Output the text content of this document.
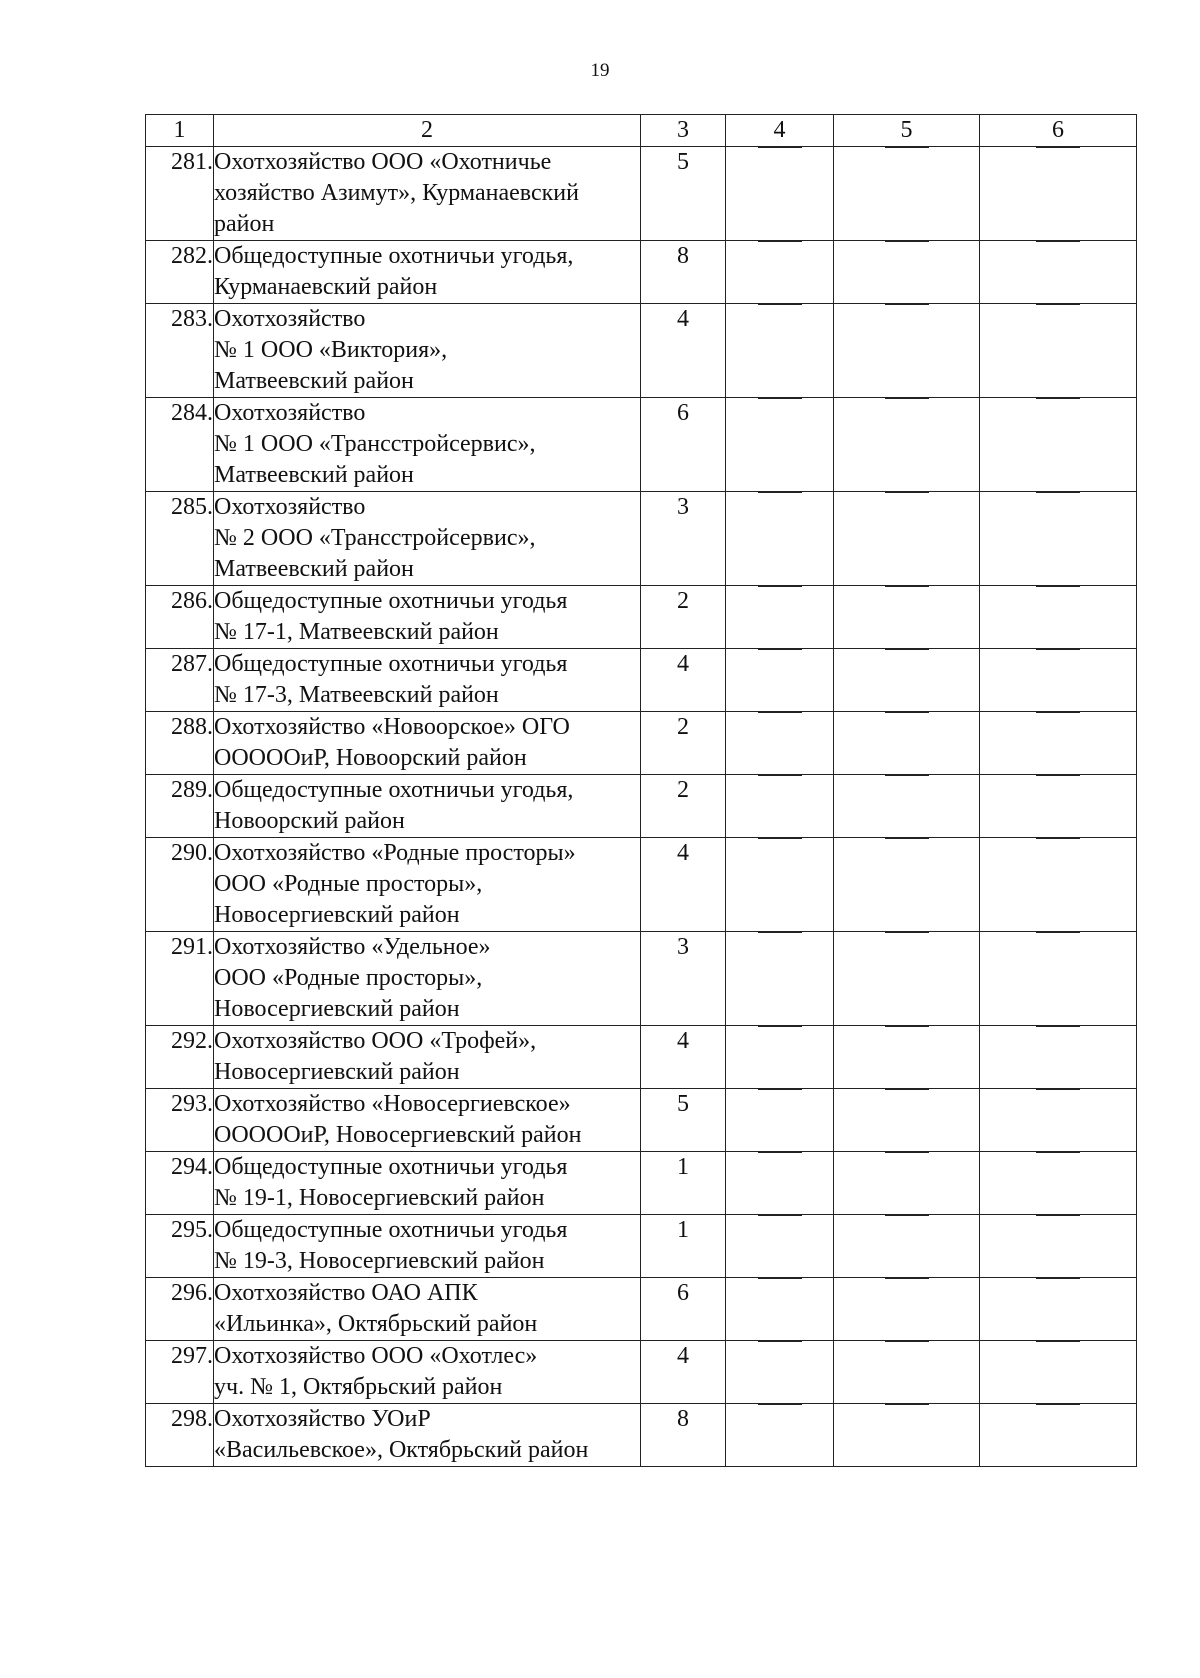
19
1	2	3	4	5	6
281.	Охотхозяйство ООО «Охотничье
хозяйство Азимут», Курманаевский
район	5			
282.	Общедоступные охотничьи угодья,
Курманаевский район	8			
283.	Охотхозяйство
№ 1 ООО «Виктория»,
Матвеевский район	4			
284.	Охотхозяйство
№ 1 ООО «Трансстройсервис»,
Матвеевский район	6			
285.	Охотхозяйство
№ 2 ООО «Трансстройсервис»,
Матвеевский район	3			
286.	Общедоступные охотничьи угодья
№ 17-1, Матвеевский район	2			
287.	Общедоступные охотничьи угодья
№ 17-3, Матвеевский район	4			
288.	Охотхозяйство «Новоорское» ОГО
ОООООиР, Новоорский район	2			
289.	Общедоступные охотничьи угодья,
Новоорский район	2			
290.	Охотхозяйство «Родные просторы»
ООО «Родные просторы»,
Новосергиевский район	4			
291.	Охотхозяйство «Удельное»
ООО «Родные просторы»,
Новосергиевский район	3			
292.	Охотхозяйство ООО «Трофей»,
Новосергиевский район	4			
293.	Охотхозяйство «Новосергиевское»
ОООООиР, Новосергиевский район	5			
294.	Общедоступные охотничьи угодья
№ 19-1, Новосергиевский район	1			
295.	Общедоступные охотничьи угодья
№ 19-3, Новосергиевский район	1			
296.	Охотхозяйство ОАО АПК
«Ильинка», Октябрьский район	6			
297.	Охотхозяйство ООО «Охотлес»
уч. № 1, Октябрьский район	4			
298.	Охотхозяйство УОиР
«Васильевское», Октябрьский район	8			
